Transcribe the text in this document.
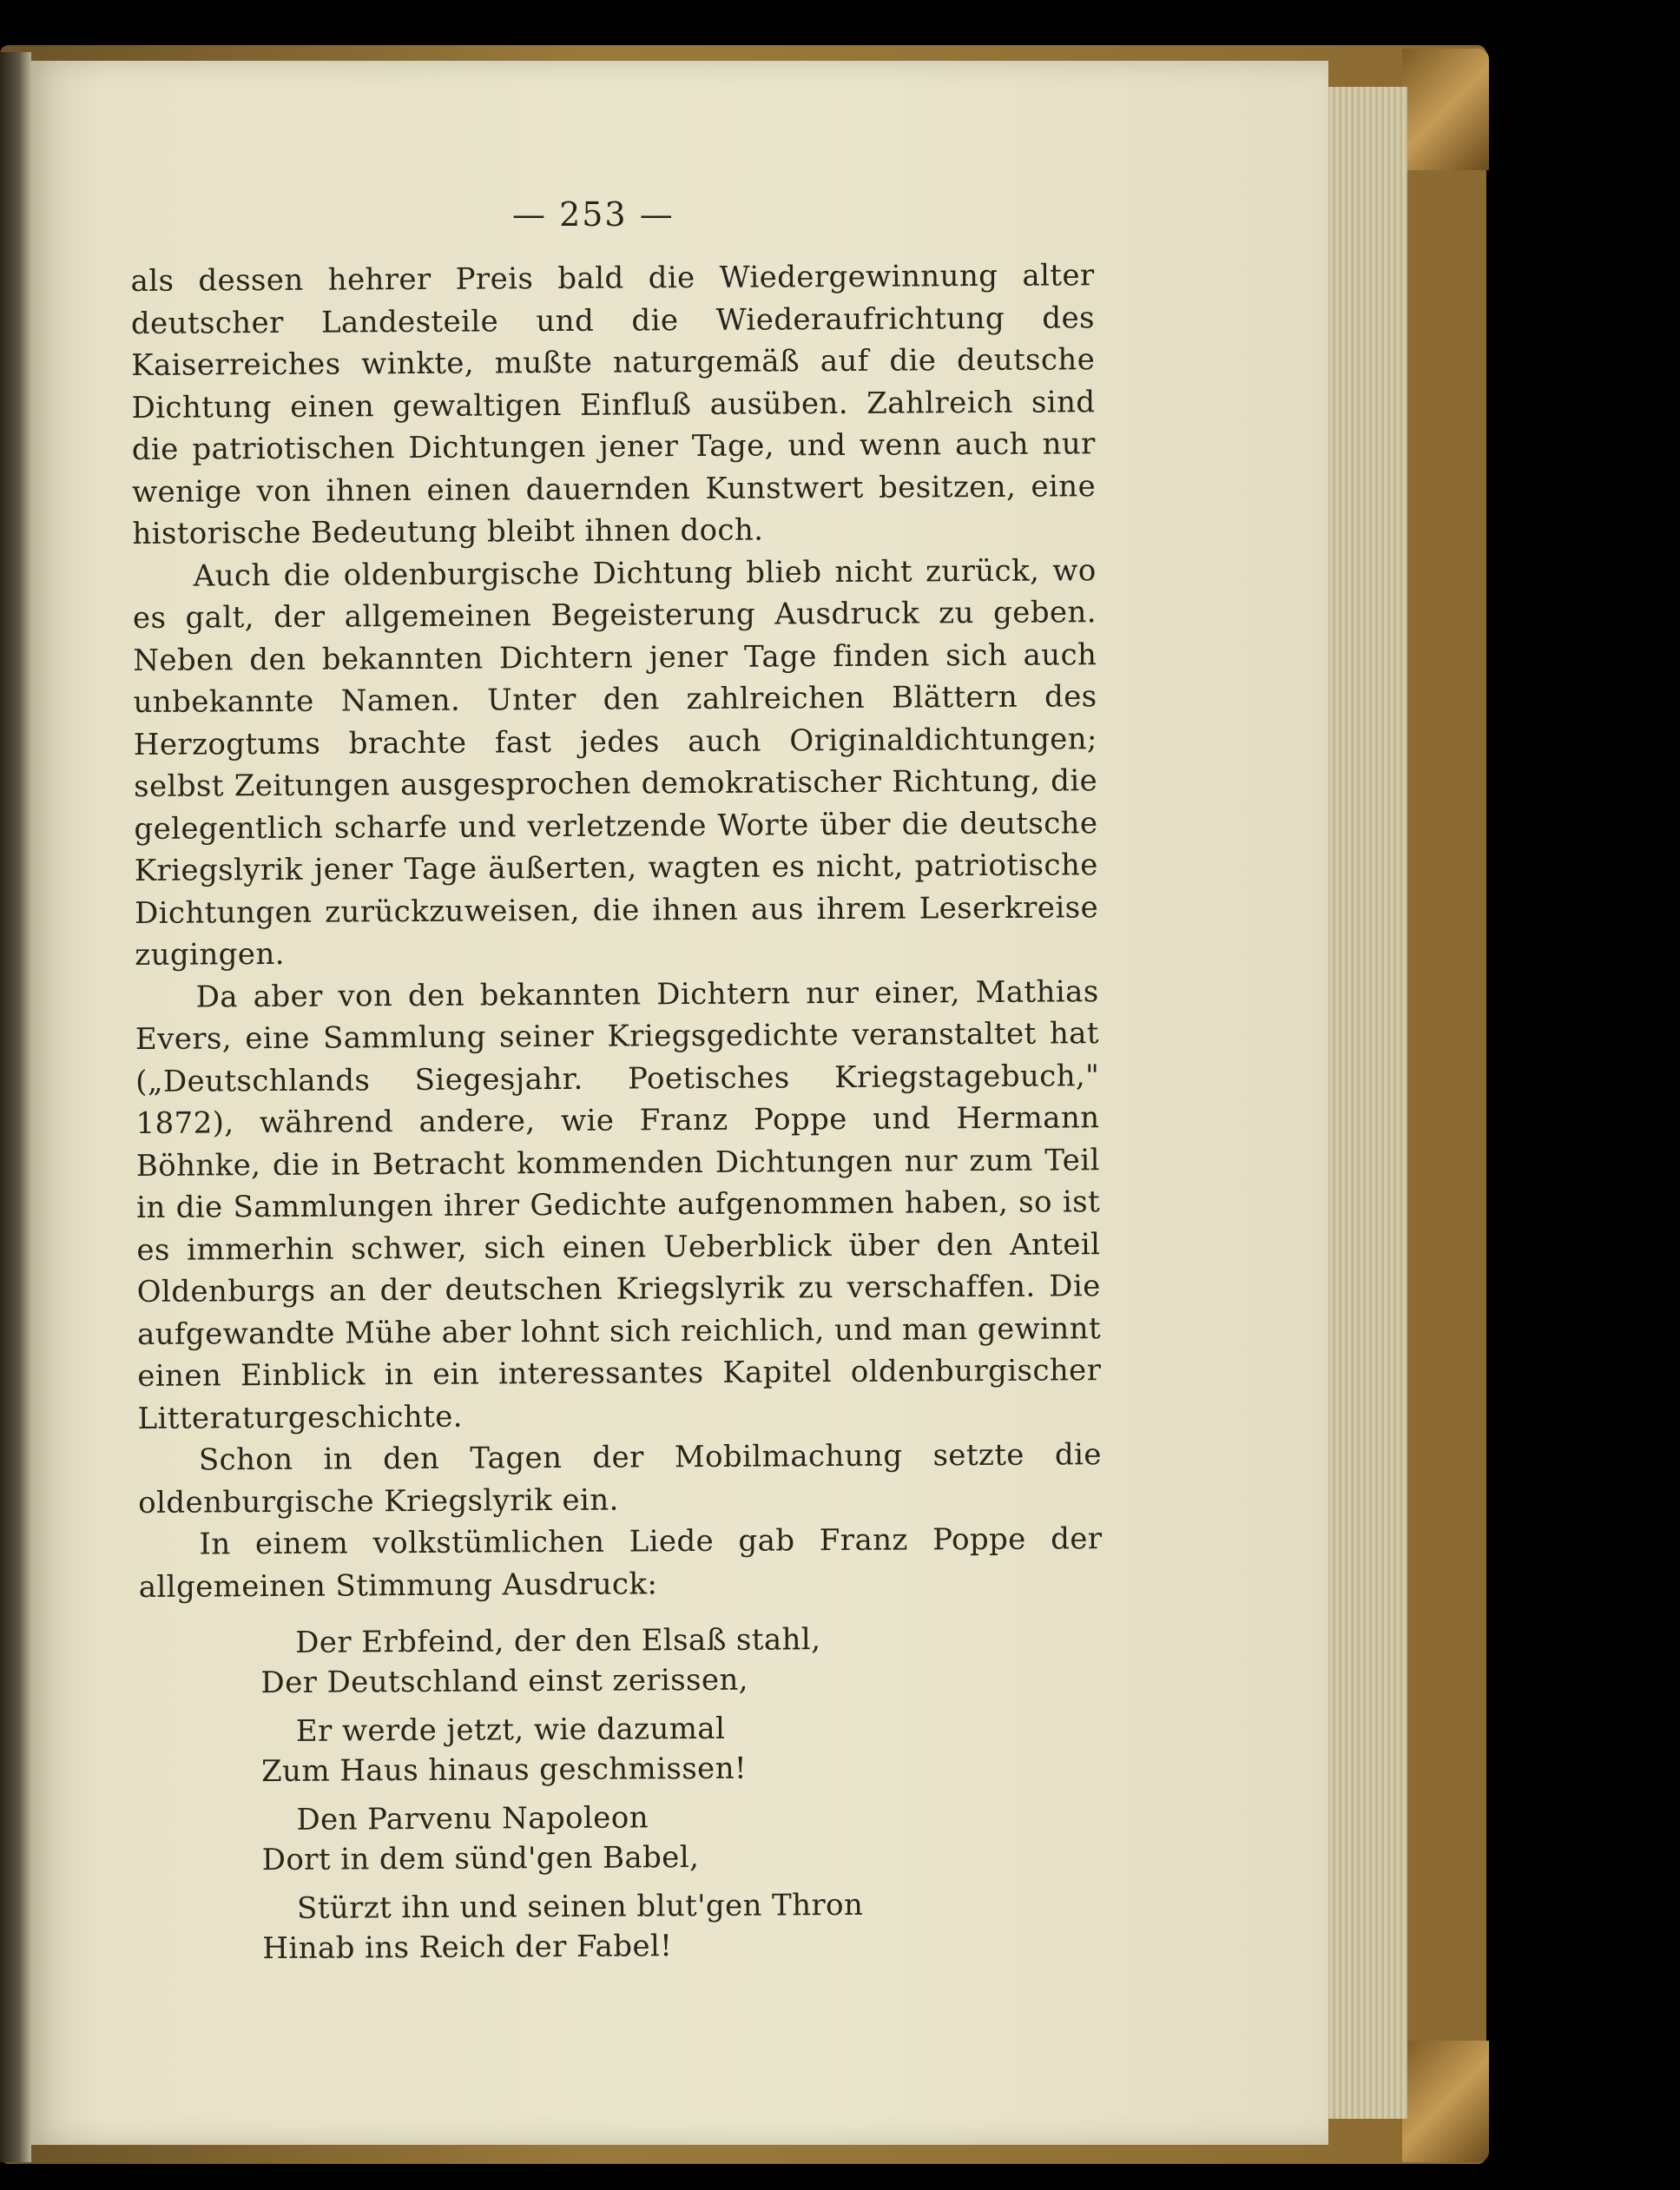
— 253 —

als dessen hehrer Preis bald die Wiedergewinnung alter deutscher Landesteile und die Wiederaufrichtung des Kaiserreiches winkte, mußte naturgemäß auf die deutsche Dichtung einen gewaltigen Einfluß ausüben. Zahlreich sind die patriotischen Dichtungen jener Tage, und wenn auch nur wenige von ihnen einen dauernden Kunstwert besitzen, eine historische Bedeutung bleibt ihnen doch.

Auch die oldenburgische Dichtung blieb nicht zurück, wo es galt, der allgemeinen Begeisterung Ausdruck zu geben. Neben den bekannten Dichtern jener Tage finden sich auch unbekannte Namen. Unter den zahlreichen Blättern des Herzogtums brachte fast jedes auch Originaldichtungen; selbst Zeitungen ausgesprochen demokratischer Richtung, die gelegentlich scharfe und verletzende Worte über die deutsche Kriegslyrik jener Tage äußerten, wagten es nicht, patriotische Dichtungen zurückzuweisen, die ihnen aus ihrem Leserkreise zugingen.

Da aber von den bekannten Dichtern nur einer, Mathias Evers, eine Sammlung seiner Kriegsgedichte veranstaltet hat („Deutschlands Siegesjahr. Poetisches Kriegstagebuch," 1872), während andere, wie Franz Poppe und Hermann Böhnke, die in Betracht kommenden Dichtungen nur zum Teil in die Sammlungen ihrer Gedichte aufgenommen haben, so ist es immerhin schwer, sich einen Ueberblick über den Anteil Oldenburgs an der deutschen Kriegslyrik zu verschaffen. Die aufgewandte Mühe aber lohnt sich reichlich, und man gewinnt einen Einblick in ein interessantes Kapitel oldenburgischer Litteraturgeschichte.

Schon in den Tagen der Mobilmachung setzte die oldenburgische Kriegslyrik ein.

In einem volkstümlichen Liede gab Franz Poppe der allgemeinen Stimmung Ausdruck:

Der Erbfeind, der den Elsaß stahl,
Der Deutschland einst zerissen,
Er werde jetzt, wie dazumal
Zum Haus hinaus geschmissen!
Den Parvenu Napoleon
Dort in dem sünd'gen Babel,
Stürzt ihn und seinen blut'gen Thron
Hinab ins Reich der Fabel!
